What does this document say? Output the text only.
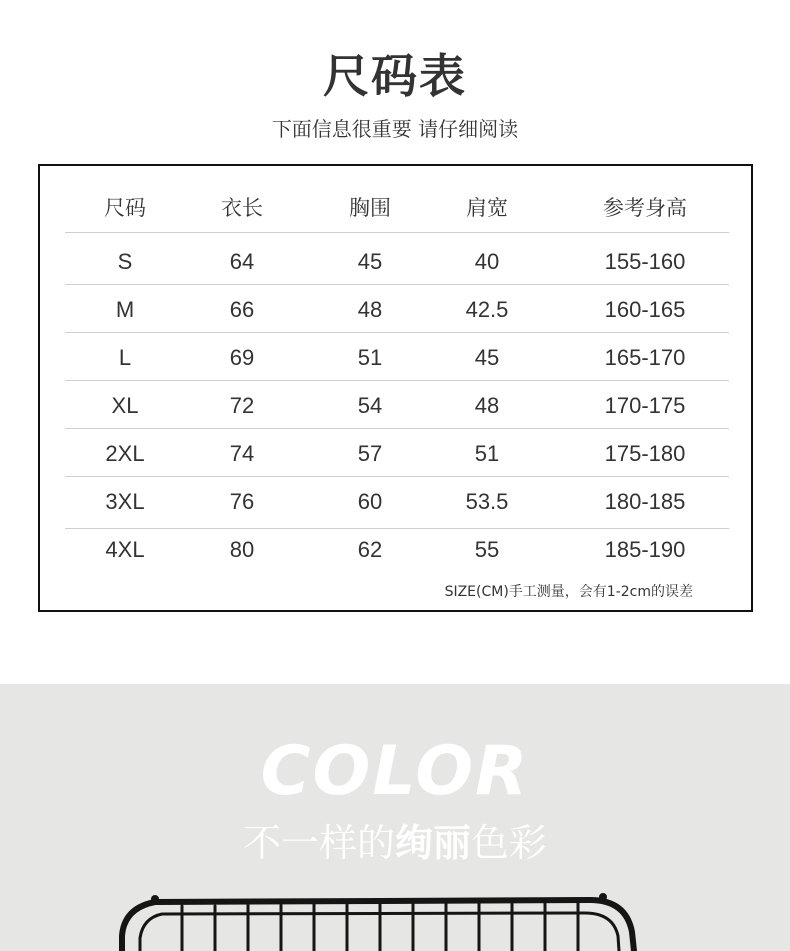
尺码表
下面信息很重要 请仔细阅读
尺码	衣长	胸围	肩宽	参考身高
S	64	45	40	155-160
M	66	48	42.5	160-165
L	69	51	45	165-170
XL	72	54	48	170-175
2XL	74	57	51	175-180
3XL	76	60	53.5	180-185
4XL	80	62	55	185-190
SIZE(CM)手工测量，会有1-2cm的误差
COLOR
不一样的绚丽色彩
